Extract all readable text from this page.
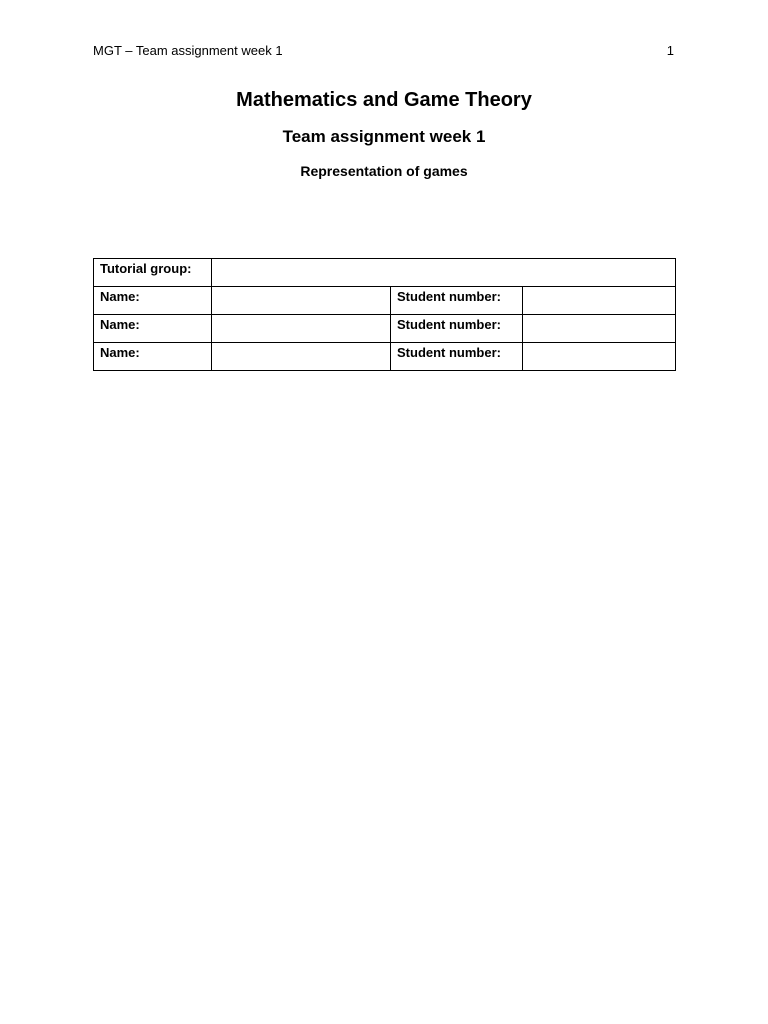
MGT – Team assignment week 1	1
Mathematics and Game Theory
Team assignment week 1
Representation of games
Tutorial group:			
Name:		Student number:	
Name:		Student number:	
Name:		Student number:	
